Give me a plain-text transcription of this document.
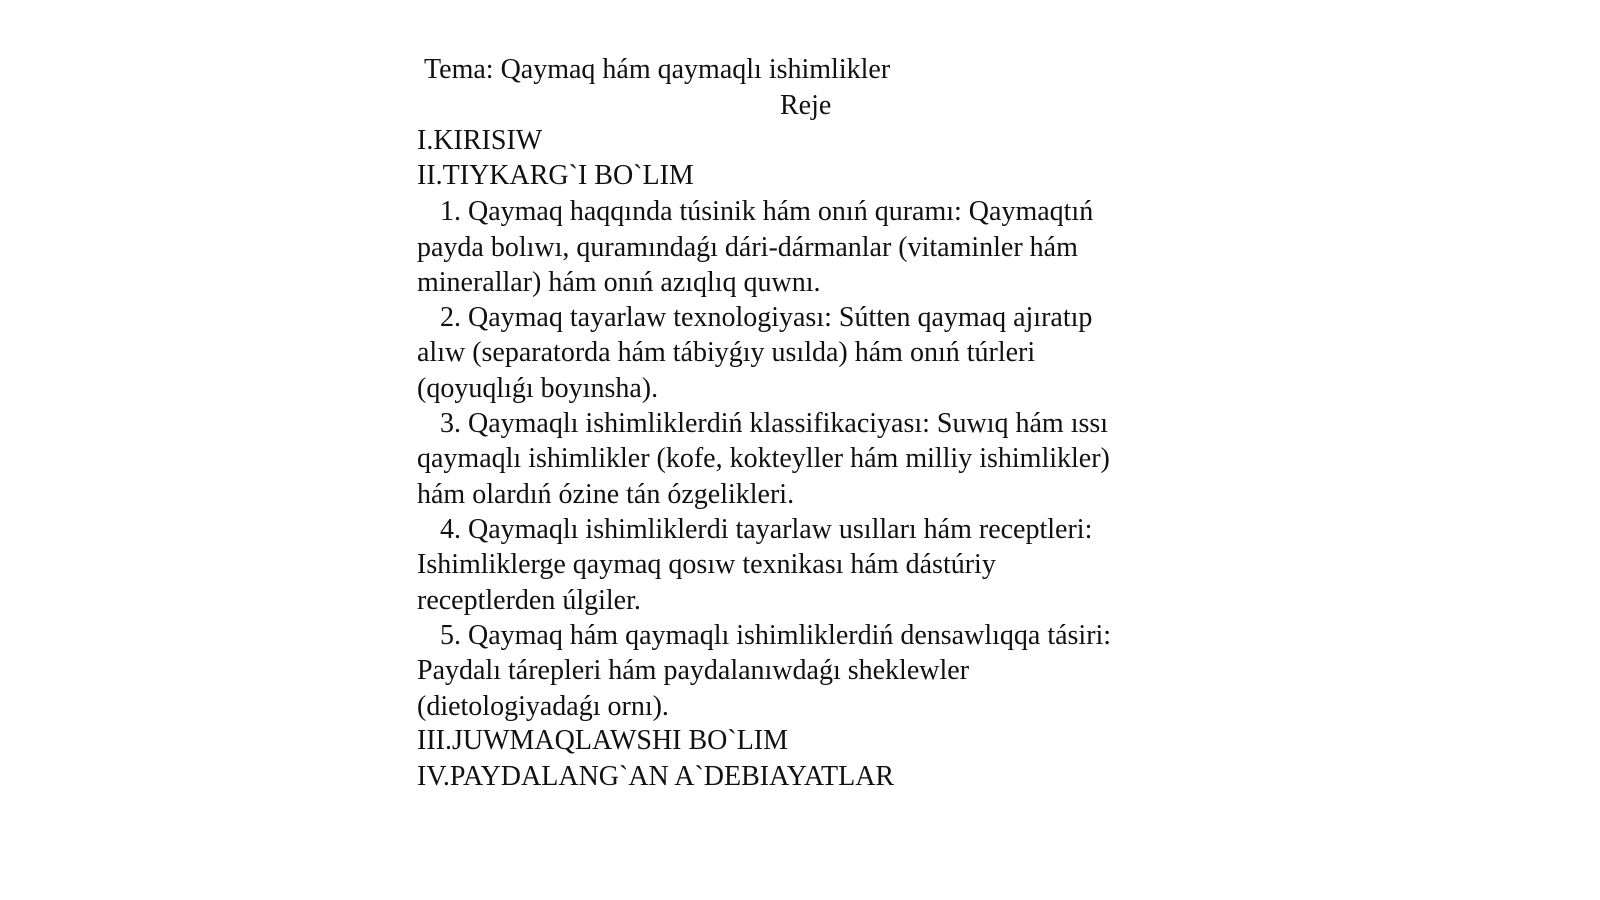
Tema: Qaymaq hám qaymaqlı ishimlikler
Reje
I.KIRISIW
II.TIYKARG`I BO`LIM
1. Qaymaq haqqında túsinik hám onıń quramı: Qaymaqtıń
payda bolıwı, quramındaǵı dári-dármanlar (vitaminler hám
minerallar) hám onıń azıqlıq quwnı.
2. Qaymaq tayarlaw texnologiyası: Sútten qaymaq ajıratıp
alıw (separatorda hám tábiyǵıy usılda) hám onıń túrleri
(qoyuqlıǵı boyınsha).
3. Qaymaqlı ishimliklerdiń klassifikaciyası: Suwıq hám ıssı
qaymaqlı ishimlikler (kofe, kokteyller hám milliy ishimlikler)
hám olardıń ózine tán ózgelikleri.
4. Qaymaqlı ishimliklerdi tayarlaw usılları hám receptleri:
Ishimliklerge qaymaq qosıw texnikası hám dástúriy
receptlerden úlgiler.
5. Qaymaq hám qaymaqlı ishimliklerdiń densawlıqqa tásiri:
Paydalı tárepleri hám paydalanıwdaǵı sheklewler
(dietologiyadaǵı ornı).
III.JUWMAQLAWSHI BO`LIM
IV.PAYDALANG`AN A`DEBIAYATLAR
